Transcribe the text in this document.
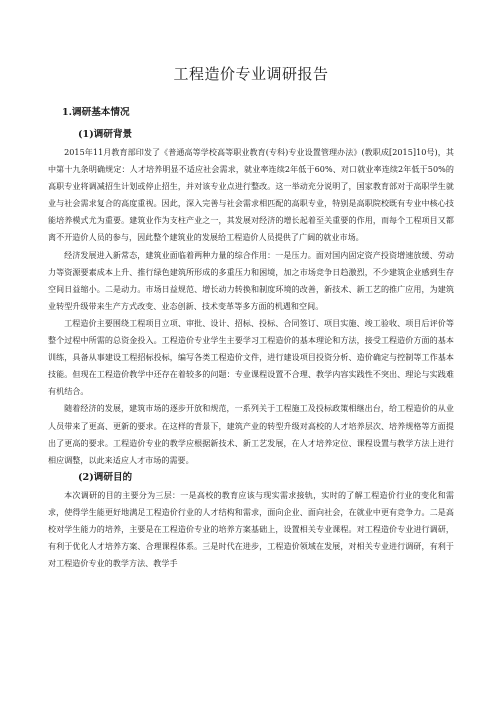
工程造价专业调研报告
1.调研基本情况
(1)调研背景

2015年11月教育部印发了《普通高等学校高等职业教育(专科)专业设置管理办法》(教职成[2015]10号)，其中第十九条明确规定：人才培养明显不适应社会需求，就业率连续2年低于60%、对口就业率连续2年低于50%的高职专业将调减招生计划或停止招生，并对该专业点进行整改。这一举动充分说明了，国家教育部对于高职学生就业与社会需求复合的高度重视。因此，深入完善与社会需求相匹配的高职专业，特别是高职院校既有专业中核心技能培养模式尤为重要。建筑业作为支柱产业之一，其发展对经济的增长起着至关重要的作用，而每个工程项目又都离不开造价人员的参与，因此整个建筑业的发展给工程造价人员提供了广阔的就业市场。

经济发展进入新常态，建筑业面临着两种力量的综合作用：一是压力。面对国内固定资产投资增速放缓、劳动力等资源要素成本上升、推行绿色建筑所形成的多重压力和困境，加之市场竞争日趋激烈，不少建筑企业感到生存空间日益缩小。二是动力。市场日益规范、增长动力转换和制度环境的改善，新技术、新工艺的推广应用，为建筑业转型升级带来生产方式改变、业态创新、技术变革等多方面的机遇和空间。

工程造价主要围绕工程项目立项、审批、设计、招标、投标、合同签订、项目实施、竣工验收、项目后评价等整个过程中所需的总资金投入。工程造价专业学生主要学习工程造价的基本理论和方法，接受工程造价方面的基本训练，具备从事建设工程招标投标，编写各类工程造价文件，进行建设项目投资分析、造价确定与控制等工作基本技能。但现在工程造价教学中还存在着较多的问题：专业课程设置不合理、教学内容实践性不突出、理论与实践难有机结合。

随着经济的发展，建筑市场的逐步开放和规范，一系列关于工程施工及投标政策相继出台，给工程造价的从业人员带来了更高、更新的要求。在这样的背景下，建筑产业的转型升级对高校的人才培养层次、培养规格等方面提出了更高的要求。工程造价专业的教学应根据新技术、新工艺发展，在人才培养定位、课程设置与教学方法上进行相应调整，以此来适应人才市场的需要。

(2)调研目的

本次调研的目的主要分为三层：一是高校的教育应该与现实需求接轨，实时的了解工程造价行业的变化和需求，使得学生能更好地满足工程造价行业的人才结构和需求，面向企业、面向社会，在就业中更有竞争力。二是高校对学生能力的培养，主要是在工程造价专业的培养方案基础上，设置相关专业课程。对工程造价专业进行调研，有利于优化人才培养方案、合理课程体系。三是时代在进步，工程造价领域在发展，对相关专业进行调研，有利于对工程造价专业的教学方法、教学手
